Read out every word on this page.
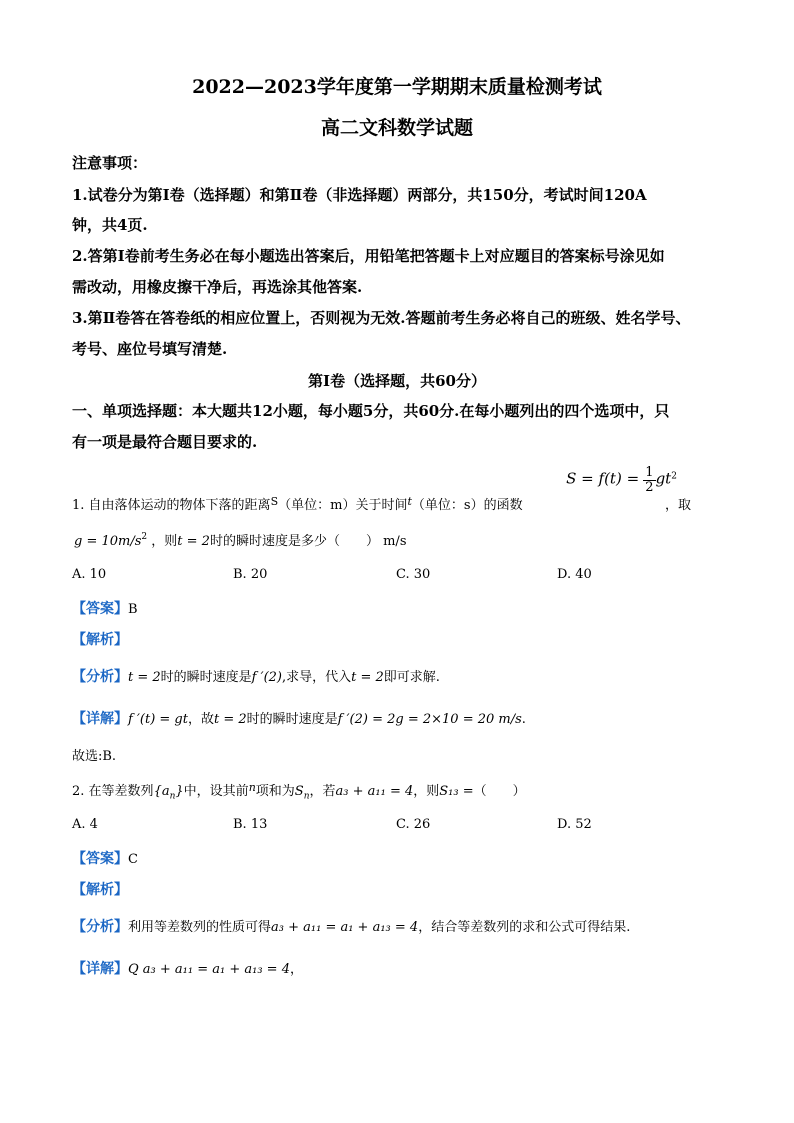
2022—2023学年度第一学期期末质量检测考试
高二文科数学试题
注意事项：
1.试卷分为第Ⅰ卷（选择题）和第Ⅱ卷（非选择题）两部分，共150分，考试时间120A
钟，共4页.
2.答第Ⅰ卷前考生务必在每小题选出答案后，用铅笔把答题卡上对应题目的答案标号涂见如
需改动，用橡皮擦干净后，再选涂其他答案.
3.第Ⅱ卷答在答卷纸的相应位置上，否则视为无效.答题前考生务必将自己的班级、姓名学号、
考号、座位号填写清楚.
第Ⅰ卷（选择题，共60分）
一、单项选择题：本大题共12小题，每小题5分，共60分.在每小题列出的四个选项中，只
有一项是最符合题目要求的.
$S = f(t) = \frac{1}{2} gt^2$
1. 自由落体运动的物体下落的距离$^S$（单位：m）关于时间$^t$（单位：s）的函数	，取
$g = 10m/s^2$ ，则t = 2时的瞬时速度是多少（　　） m/s
A. 10	B. 20	C. 30	D. 40
【答案】B
【解析】
【分析】t = 2时的瞬时速度是f ′(2),求导，代入t = 2即可求解.
【详解】f ′(t) = gt，故t = 2时的瞬时速度是f ′(2) = 2g = 2×10 = 20 m/s.
故选:B.
2. 在等差数列$\{a_n\}$中，设其前$^n$项和为$S_n$，若a₃ + a₁₁ = 4，则S₁₃ =（　　）
A. 4	B. 13	C. 26	D. 52
【答案】C
【解析】
【分析】利用等差数列的性质可得a₃ + a₁₁ = a₁ + a₁₃ = 4，结合等差数列的求和公式可得结果.
【详解】Q a₃ + a₁₁ = a₁ + a₁₃ = 4，
